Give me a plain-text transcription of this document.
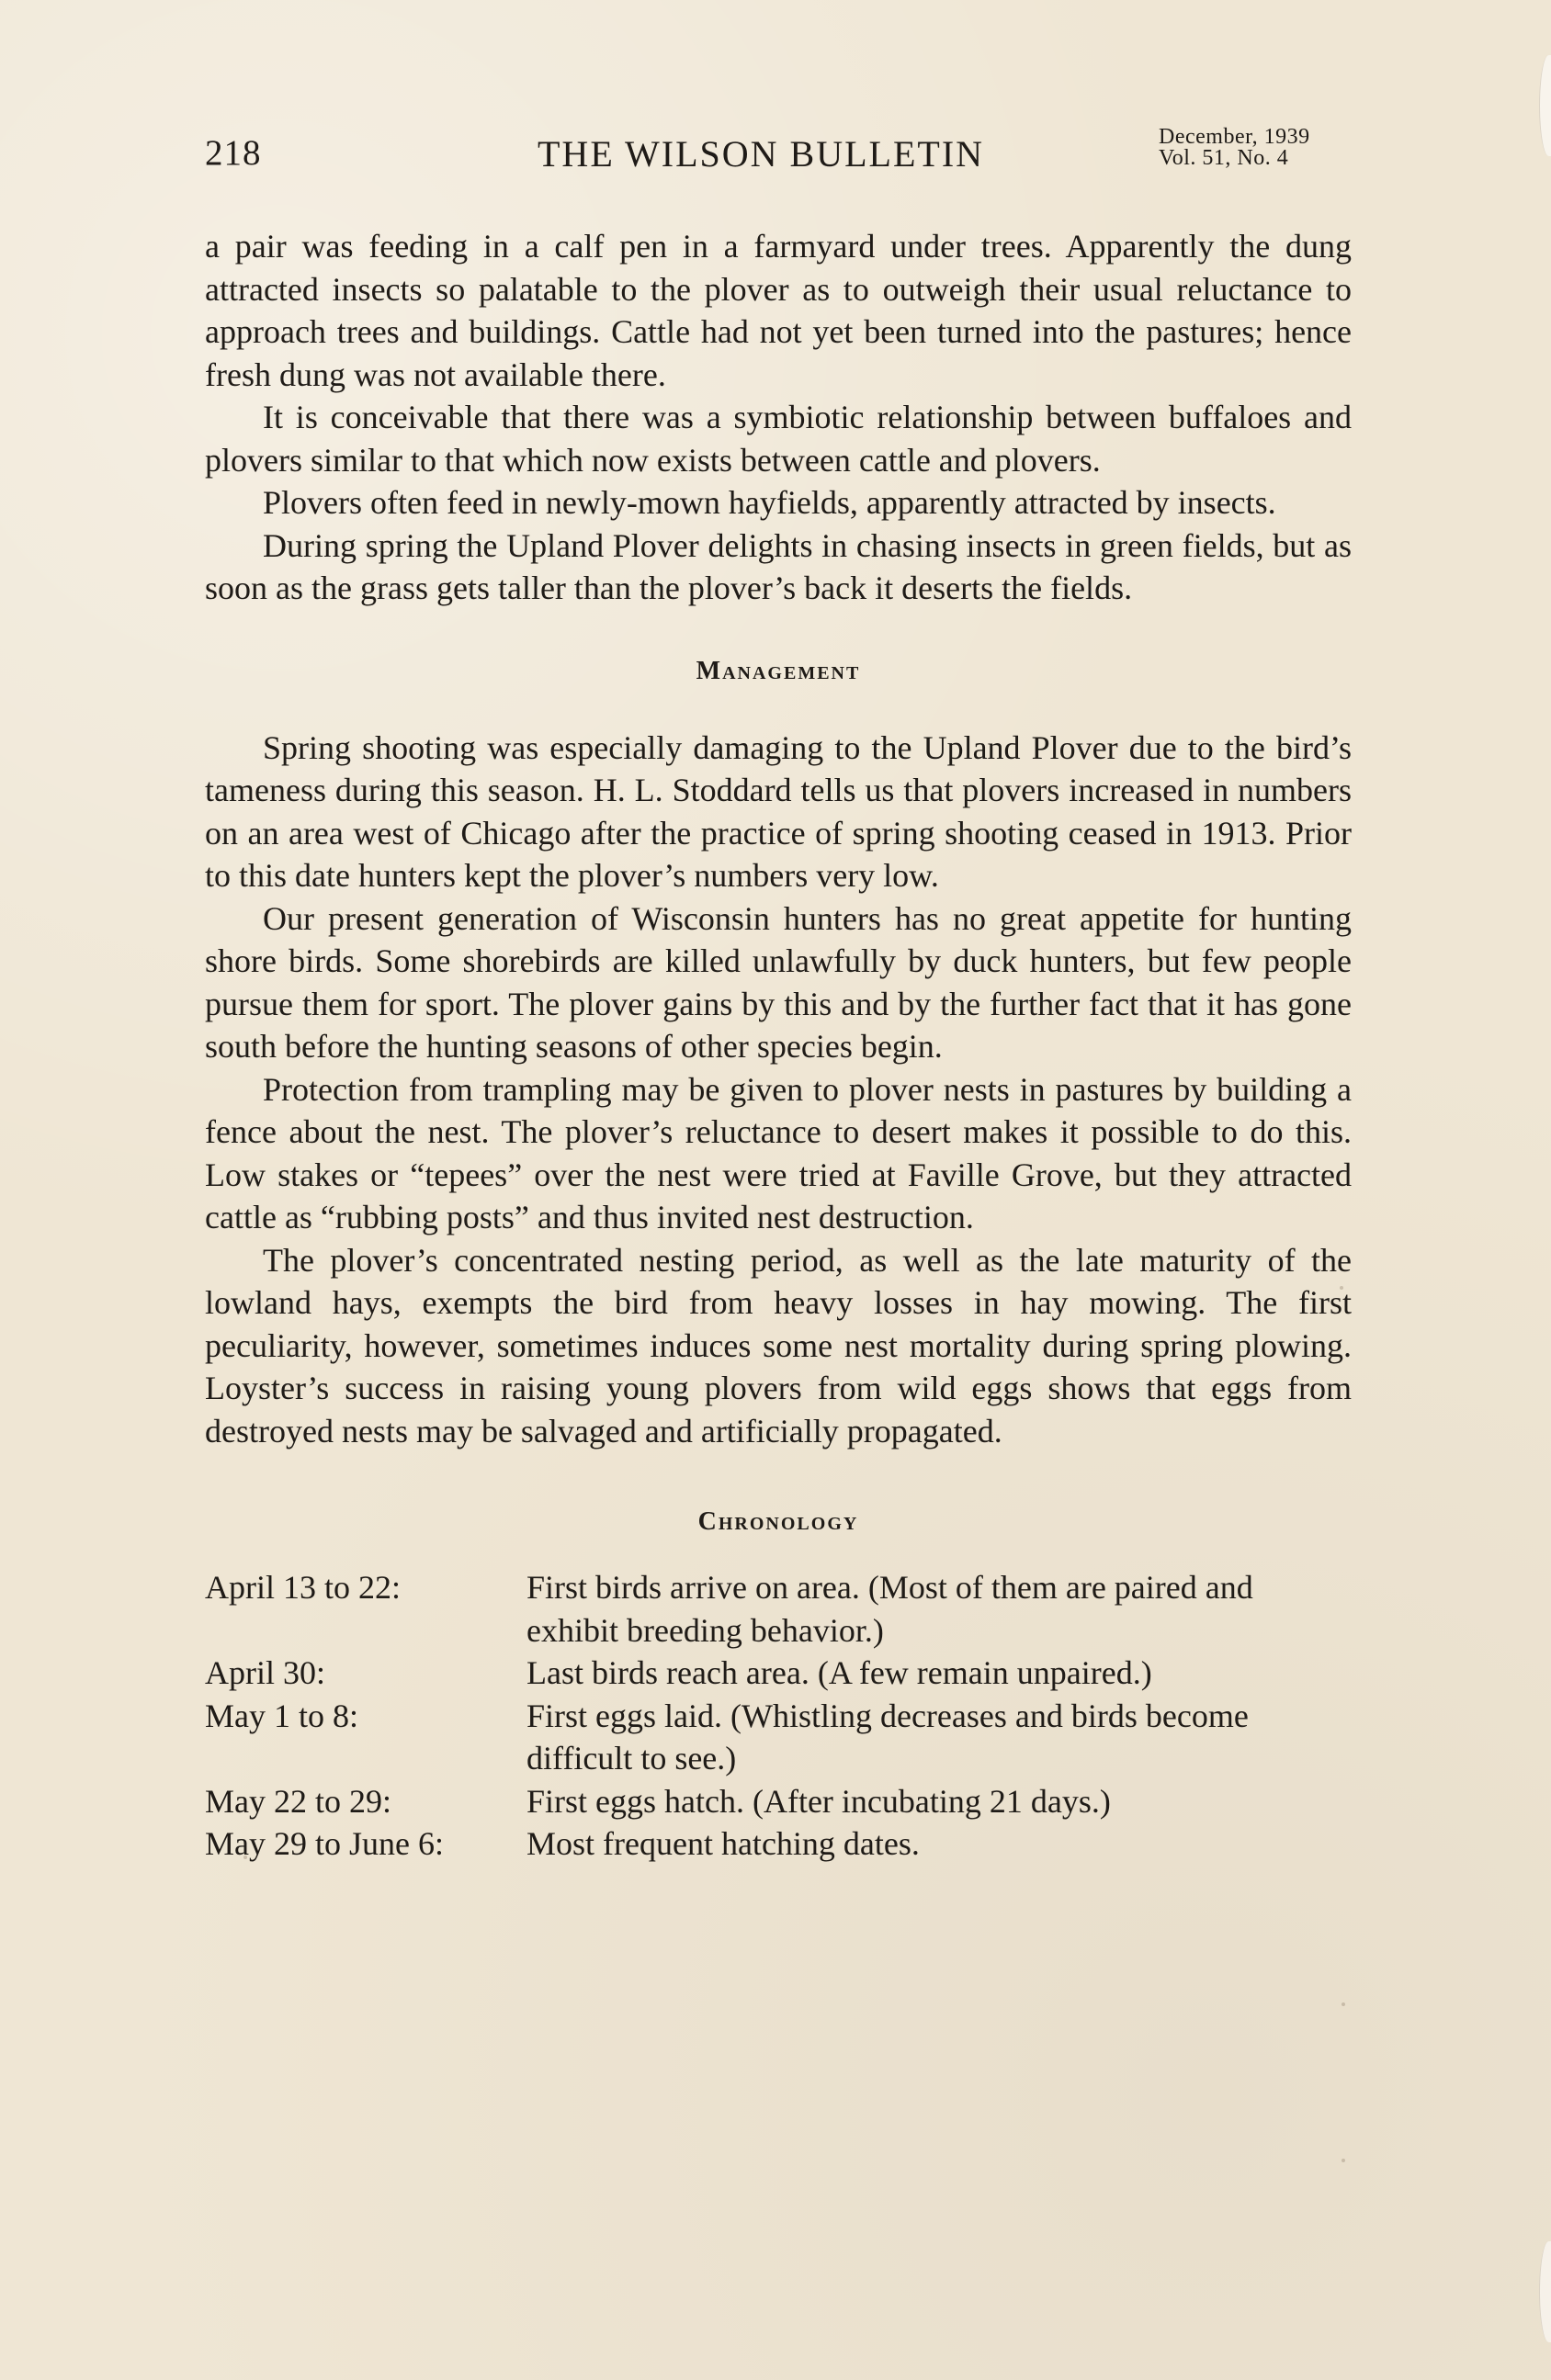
218	THE WILSON BULLETIN	December, 1939
Vol. 51, No. 4

a pair was feeding in a calf pen in a farmyard under trees. Apparently the dung attracted insects so palatable to the plover as to outweigh their usual reluctance to approach trees and buildings. Cattle had not yet been turned into the pastures; hence fresh dung was not available there.

It is conceivable that there was a symbiotic relationship between buffaloes and plovers similar to that which now exists between cattle and plovers.

Plovers often feed in newly-mown hayfields, apparently attracted by insects.

During spring the Upland Plover delights in chasing insects in green fields, but as soon as the grass gets taller than the plover’s back it deserts the fields.

Management

Spring shooting was especially damaging to the Upland Plover due to the bird’s tameness during this season. H. L. Stoddard tells us that plovers increased in numbers on an area west of Chicago after the practice of spring shooting ceased in 1913. Prior to this date hunters kept the plover’s numbers very low.

Our present generation of Wisconsin hunters has no great appetite for hunting shore birds. Some shorebirds are killed unlawfully by duck hunters, but few people pursue them for sport. The plover gains by this and by the further fact that it has gone south before the hunting seasons of other species begin.

Protection from trampling may be given to plover nests in pastures by building a fence about the nest. The plover’s reluctance to desert makes it possible to do this. Low stakes or “tepees” over the nest were tried at Faville Grove, but they attracted cattle as “rubbing posts” and thus invited nest destruction.

The plover’s concentrated nesting period, as well as the late maturity of the lowland hays, exempts the bird from heavy losses in hay mowing. The first peculiarity, however, sometimes induces some nest mortality during spring plowing. Loyster’s success in raising young plovers from wild eggs shows that eggs from destroyed nests may be salvaged and artificially propagated.

Chronology
April 13 to 22:	First birds arrive on area. (Most of them are paired and exhibit breeding behavior.)
April 30:	Last birds reach area. (A few remain unpaired.)
May 1 to 8:	First eggs laid. (Whistling decreases and birds become difficult to see.)
May 22 to 29:	First eggs hatch. (After incubating 21 days.)
May 29 to June 6:	Most frequent hatching dates.
